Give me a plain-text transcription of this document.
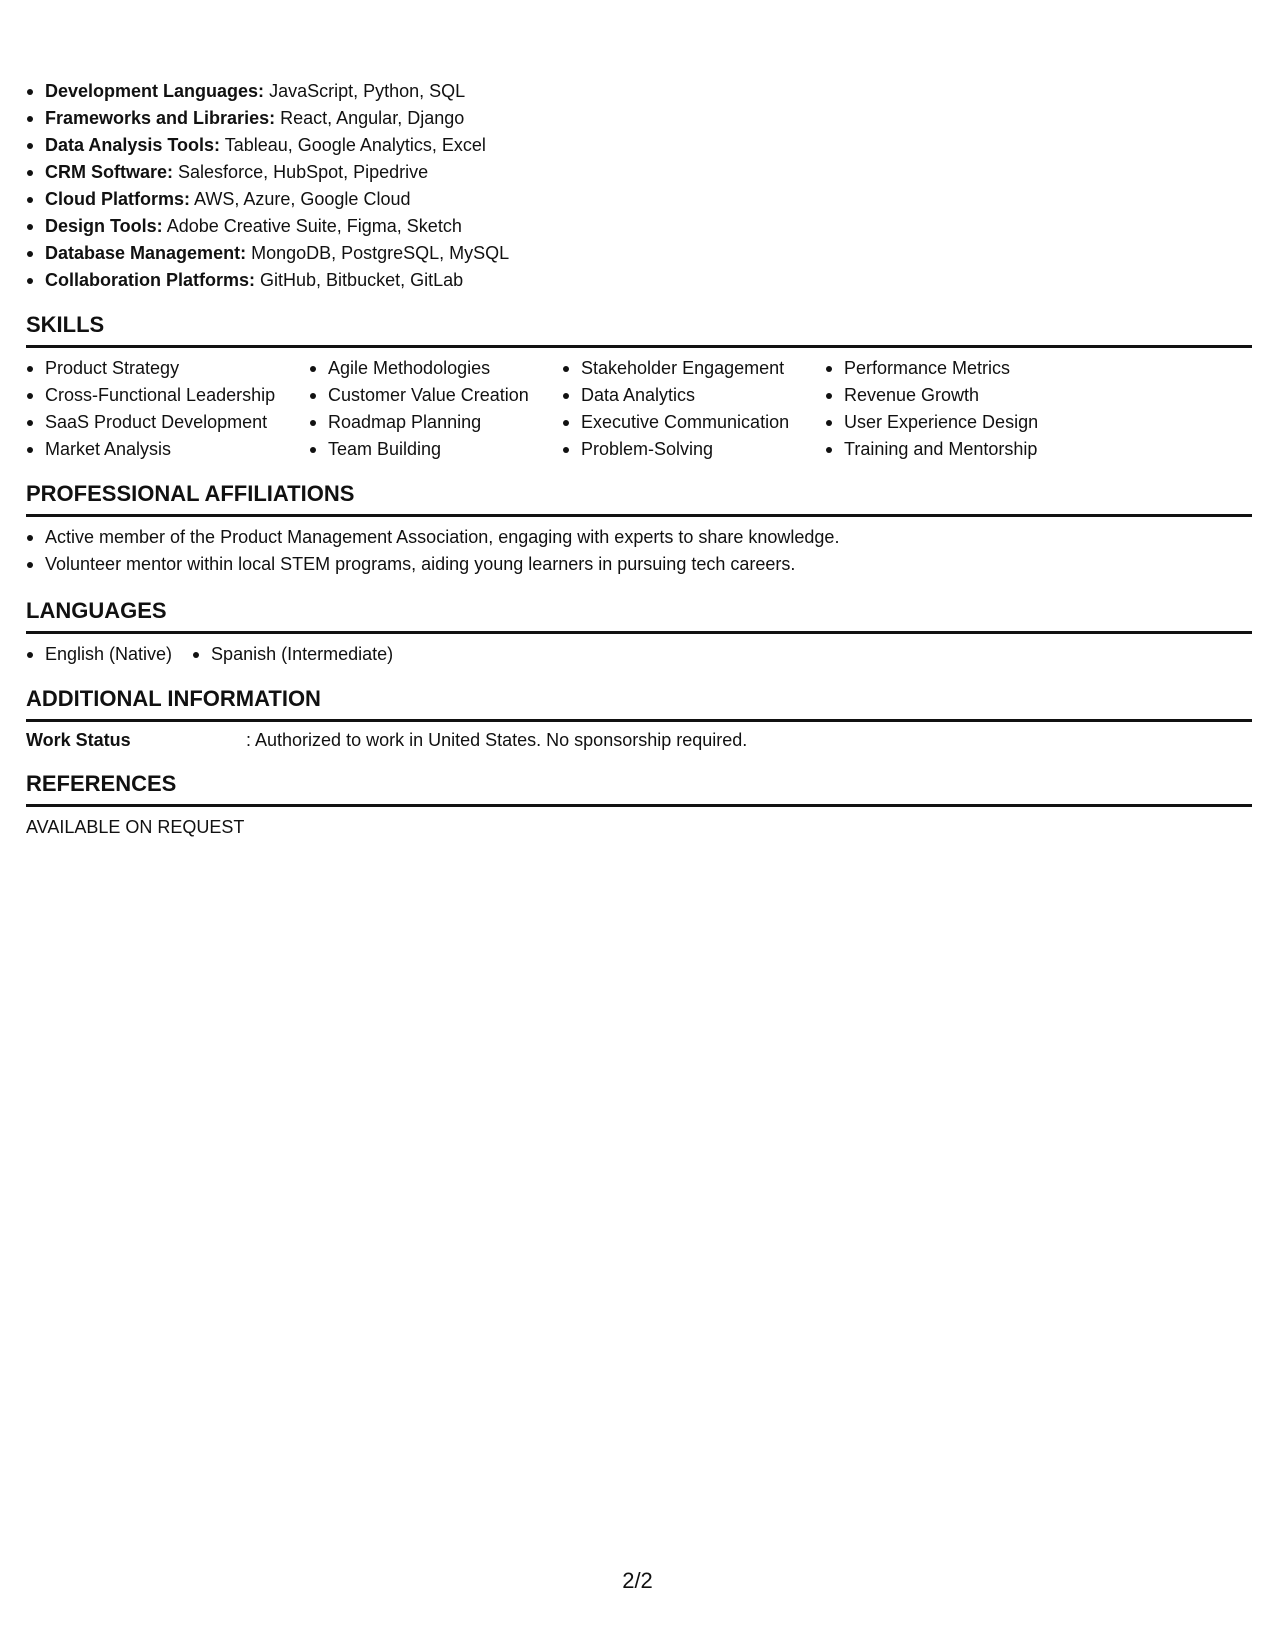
Development Languages: JavaScript, Python, SQL
Frameworks and Libraries: React, Angular, Django
Data Analysis Tools: Tableau, Google Analytics, Excel
CRM Software: Salesforce, HubSpot, Pipedrive
Cloud Platforms: AWS, Azure, Google Cloud
Design Tools: Adobe Creative Suite, Figma, Sketch
Database Management: MongoDB, PostgreSQL, MySQL
Collaboration Platforms: GitHub, Bitbucket, GitLab
SKILLS
Product Strategy
Cross-Functional Leadership
SaaS Product Development
Market Analysis
Agile Methodologies
Customer Value Creation
Roadmap Planning
Team Building
Stakeholder Engagement
Data Analytics
Executive Communication
Problem-Solving
Performance Metrics
Revenue Growth
User Experience Design
Training and Mentorship
PROFESSIONAL AFFILIATIONS
Active member of the Product Management Association, engaging with experts to share knowledge.
Volunteer mentor within local STEM programs, aiding young learners in pursuing tech careers.
LANGUAGES
English (Native)	Spanish (Intermediate)
ADDITIONAL INFORMATION
Work Status	: Authorized to work in United States. No sponsorship required.
REFERENCES
AVAILABLE ON REQUEST
2/2
